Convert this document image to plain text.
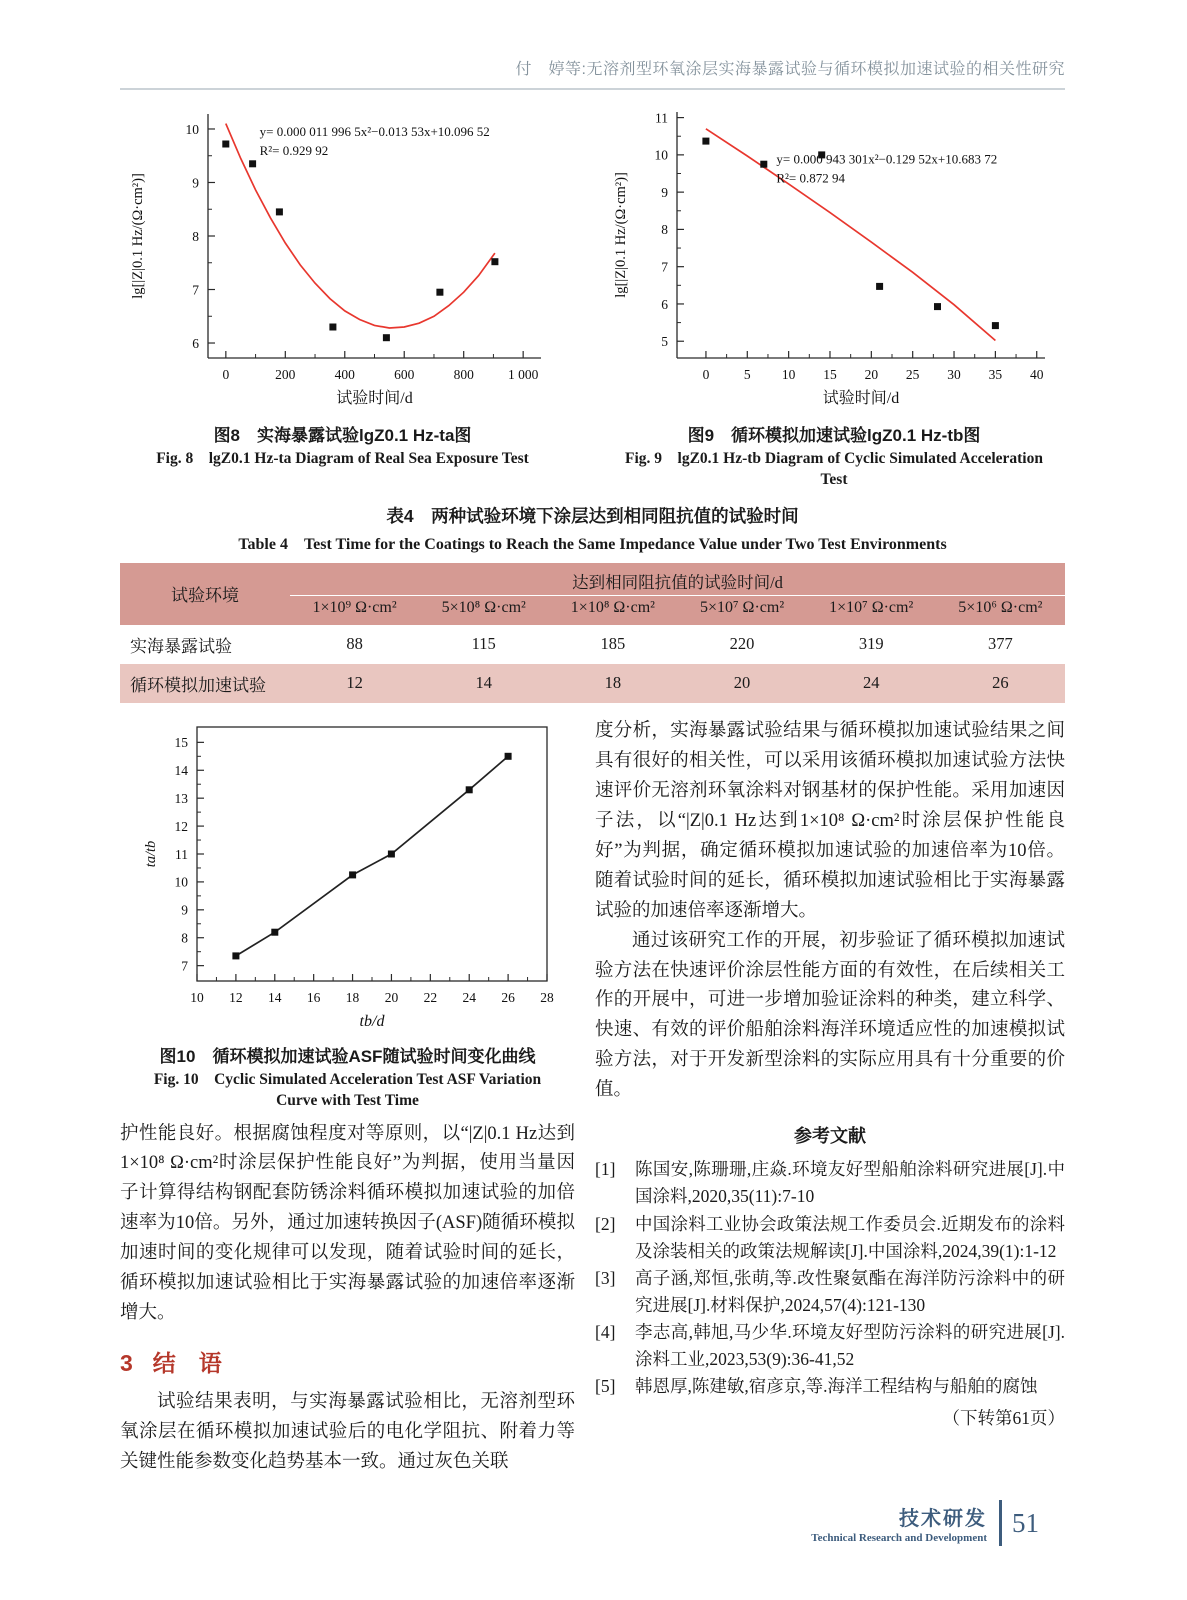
付　婷等:无溶剂型环氧涂层实海暴露试验与循环模拟加速试验的相关性研究
0	200	400	600	800	1 000
6
7
8
9
10
试验时间/d
lg[|Z|0.1 Hz/(Ω·cm²)]
y= 0.000 011 996 5x²−0.013 53x+10.096 52
R²= 0.929 92
图8　实海暴露试验lgZ0.1 Hz-ta图
Fig. 8　lgZ0.1 Hz-ta Diagram of Real Sea Exposure Test
0	5 10 15 20 25 30 35 40
5
6
7
8
9
10
11
试验时间/d
lg[|Z|0.1 Hz/(Ω·cm²)]
y= 0.000 943 301x²−0.129 52x+10.683 72
R²= 0.872 94
图9　循环模拟加速试验lgZ0.1 Hz-tb图
Fig. 9　lgZ0.1 Hz-tb Diagram of Cyclic Simulated Acceleration Test
表4　两种试验环境下涂层达到相同阻抗值的试验时间
Table 4　Test Time for the Coatings to Reach the Same Impedance Value under Two Test Environments
试验环境	达到相同阻抗值的试验时间/d					
	1×10⁹ Ω·cm²	5×10⁸ Ω·cm²	1×10⁸ Ω·cm²	5×10⁷ Ω·cm²	1×10⁷ Ω·cm²	5×10⁶ Ω·cm²
实海暴露试验	88	115	185	220	319	377
循环模拟加速试验	12	14	18	20	24	26
10 12 14 16 18 20 22 24 26 28
7
8
9
10
11
12
13
14
15
tb/d
ta/tb
图10　循环模拟加速试验ASF随试验时间变化曲线
Fig. 10　Cyclic Simulated Acceleration Test ASF Variation Curve with Test Time

护性能良好。根据腐蚀程度对等原则，以“|Z|0.1 Hz达到1×10⁸ Ω·cm²时涂层保护性能良好”为判据，使用当量因子计算得结构钢配套防锈涂料循环模拟加速试验的加倍速率为10倍。另外，通过加速转换因子(ASF)随循环模拟加速时间的变化规律可以发现，随着试验时间的延长，循环模拟加速试验相比于实海暴露试验的加速倍率逐渐增大。

3 结　语

试验结果表明，与实海暴露试验相比，无溶剂型环氧涂层在循环模拟加速试验后的电化学阻抗、附着力等关键性能参数变化趋势基本一致。通过灰色关联

度分析，实海暴露试验结果与循环模拟加速试验结果之间具有很好的相关性，可以采用该循环模拟加速试验方法快速评价无溶剂环氧涂料对钢基材的保护性能。采用加速因子法，以“|Z|0.1 Hz达到1×10⁸ Ω·cm²时涂层保护性能良好”为判据，确定循环模拟加速试验的加速倍率为10倍。随着试验时间的延长，循环模拟加速试验相比于实海暴露试验的加速倍率逐渐增大。

通过该研究工作的开展，初步验证了循环模拟加速试验方法在快速评价涂层性能方面的有效性，在后续相关工作的开展中，可进一步增加验证涂料的种类，建立科学、快速、有效的评价船舶涂料海洋环境适应性的加速模拟试验方法，对于开发新型涂料的实际应用具有十分重要的价值。

参考文献
[1]	陈国安,陈珊珊,庄焱.环境友好型船舶涂料研究进展[J].中国涂料,2020,35(11):7-10
[2]	中国涂料工业协会政策法规工作委员会.近期发布的涂料及涂装相关的政策法规解读[J].中国涂料,2024,39(1):1-12
[3]	高子涵,郑恒,张萌,等.改性聚氨酯在海洋防污涂料中的研究进展[J].材料保护,2024,57(4):121-130
[4]	李志高,韩旭,马少华.环境友好型防污涂料的研究进展[J].涂料工业,2023,53(9):36-41,52
[5]	韩恩厚,陈建敏,宿彦京,等.海洋工程结构与船舶的腐蚀
（下转第61页）
技术研发
Technical Research and Development
51
